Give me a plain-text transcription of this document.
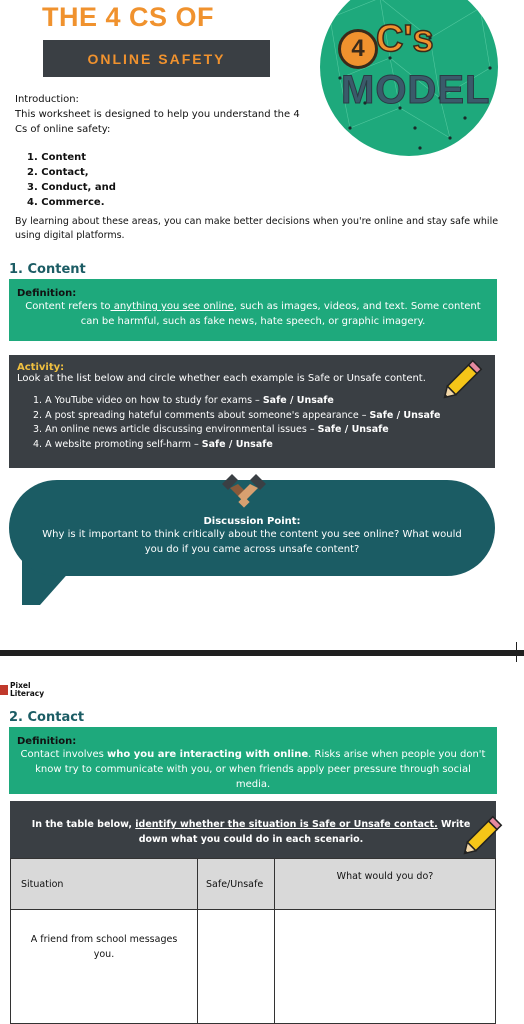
THE 4 CS OF
ONLINE SAFETY	4 C's
MODEL
Introduction:
This worksheet is designed to help you understand the 4 Cs of online safety:
1. Content
2. Contact,
3. Conduct, and
4. Commerce.
By learning about these areas, you can make better decisions when you're online and stay safe while using digital platforms.
1. Content
Definition:
Content refers to anything you see online, such as images, videos, and text. Some content can be harmful, such as fake news, hate speech, or graphic imagery.
Activity:
Look at the list below and circle whether each example is Safe or Unsafe content.
1. A YouTube video on how to study for exams – Safe / Unsafe
2. A post spreading hateful comments about someone's appearance – Safe / Unsafe
3. An online news article discussing environmental issues – Safe / Unsafe
4. A website promoting self-harm – Safe / Unsafe
Discussion Point:
Why is it important to think critically about the content you see online? What would you do if you came across unsafe content?
Pixel
Literacy
2. Contact
Definition:
Contact involves who you are interacting with online. Risks arise when people you don't know try to communicate with you, or when friends apply peer pressure through social media.
In the table below, identify whether the situation is Safe or Unsafe contact. Write down what you could do in each scenario.
Situation	Safe/Unsafe
What would you do?
A friend from school messages you.
